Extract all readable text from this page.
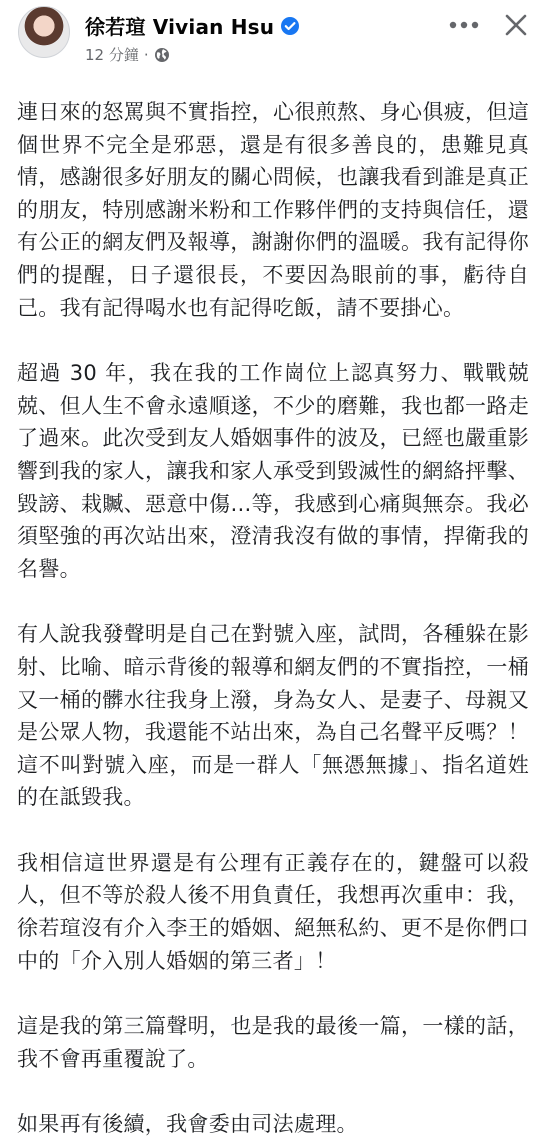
徐若瑄 Vivian Hsu
12 分鐘 ·

連日來的怒罵與不實指控，心很煎熬、身心俱疲，但這個世界不完全是邪惡，還是有很多善良的，患難見真情，感謝很多好朋友的關心問候，也讓我看到誰是真正的朋友，特別感謝米粉和工作夥伴們的支持與信任，還有公正的網友們及報導，謝謝你們的溫暖。我有記得你們的提醒，日子還很長，不要因為眼前的事，虧待自己。我有記得喝水也有記得吃飯，請不要掛心。

超過 30 年，我在我的工作崗位上認真努力、戰戰兢兢、但人生不會永遠順遂，不少的磨難，我也都一路走了過來。此次受到友人婚姻事件的波及，已經也嚴重影響到我的家人，讓我和家人承受到毀滅性的網絡抨擊、毀謗、栽贓、惡意中傷…等，我感到心痛與無奈。我必須堅強的再次站出來，澄清我沒有做的事情，捍衛我的名譽。

有人說我發聲明是自己在對號入座，試問，各種躲在影射、比喻、暗示背後的報導和網友們的不實指控，一桶又一桶的髒水往我身上潑，身為女人、是妻子、母親又是公眾人物，我還能不站出來，為自己名聲平反嗎？！這不叫對號入座，而是一群人「無憑無據」、指名道姓的在詆毀我。

我相信這世界還是有公理有正義存在的，鍵盤可以殺人，但不等於殺人後不用負責任，我想再次重申：我，徐若瑄沒有介入李王的婚姻、絕無私約、更不是你們口中的「介入別人婚姻的第三者」！

這是我的第三篇聲明，也是我的最後一篇，一樣的話，我不會再重覆說了。

如果再有後續，我會委由司法處理。
